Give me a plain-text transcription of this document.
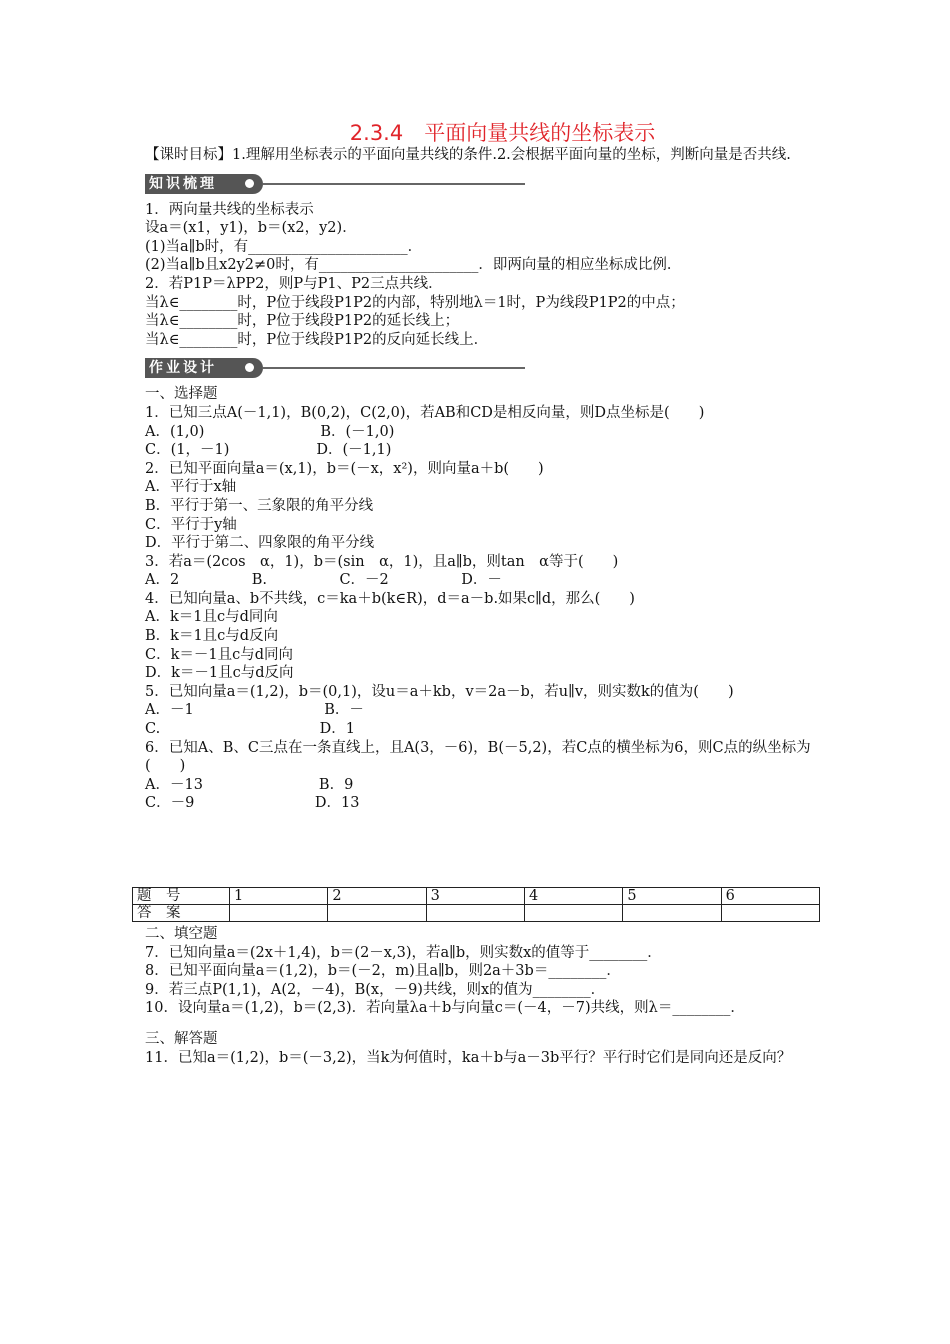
2.3.4　平面向量共线的坐标表示
【课时目标】1.理解用坐标表示的平面向量共线的条件.2.会根据平面向量的坐标，判断向量是否共线.
知识梳理
1．两向量共线的坐标表示
设a＝(x1，y1)，b＝(x2，y2)．
(1)当a∥b时，有______________________．
(2)当a∥b且x2y2≠0时，有______________________．即两向量的相应坐标成比例．
2．若P1P＝λPP2，则P与P1、P2三点共线．
当λ∈________时，P位于线段P1P2的内部，特别地λ＝1时，P为线段P1P2的中点；
当λ∈________时，P位于线段P1P2的延长线上；
当λ∈________时，P位于线段P1P2的反向延长线上．
作业设计
一、选择题
1．已知三点A(－1,1)，B(0,2)，C(2,0)，若AB和CD是相反向量，则D点坐标是(　　)
A．(1,0)　　　　　　　　B．(－1,0)
C．(1，－1)　　　　　　D．(－1,1)
2．已知平面向量a＝(x,1)，b＝(－x，x²)，则向量a＋b(　　)
A．平行于x轴
B．平行于第一、三象限的角平分线
C．平行于y轴
D．平行于第二、四象限的角平分线
3．若a＝(2cos　α，1)，b＝(sin　α，1)，且a∥b，则tan　α等于(　　)
A．2　　　　　B.　　　　　C．－2　　　　　D．－
4．已知向量a、b不共线，c＝ka＋b(k∈R)，d＝a－b.如果c∥d，那么(　　)
A．k＝1且c与d同向
B．k＝1且c与d反向
C．k＝－1且c与d同向
D．k＝－1且c与d反向
5．已知向量a＝(1,2)，b＝(0,1)，设u＝a＋kb，v＝2a－b，若u∥v，则实数k的值为(　　)
A．－1　　　　　　　　　B．－
C.　　　　　　　　　　　D．1
6．已知A、B、C三点在一条直线上，且A(3，－6)，B(－5,2)，若C点的横坐标为6，则C点的纵坐标为(　　)
A．－13　　　　　　　　B．9
C．－9　　　　　　　　 D．13
题　号	1	2	3	4	5	6
答　案						
二、填空题
7．已知向量a＝(2x＋1,4)，b＝(2－x,3)，若a∥b，则实数x的值等于________．
8．已知平面向量a＝(1,2)，b＝(－2，m)且a∥b，则2a＋3b＝________．
9．若三点P(1,1)，A(2，－4)，B(x，－9)共线，则x的值为________．
10．设向量a＝(1,2)，b＝(2,3)．若向量λa＋b与向量c＝(－4，－7)共线，则λ＝________．
三、解答题
11．已知a＝(1,2)，b＝(－3,2)，当k为何值时，ka＋b与a－3b平行？平行时它们是同向还是反向？
